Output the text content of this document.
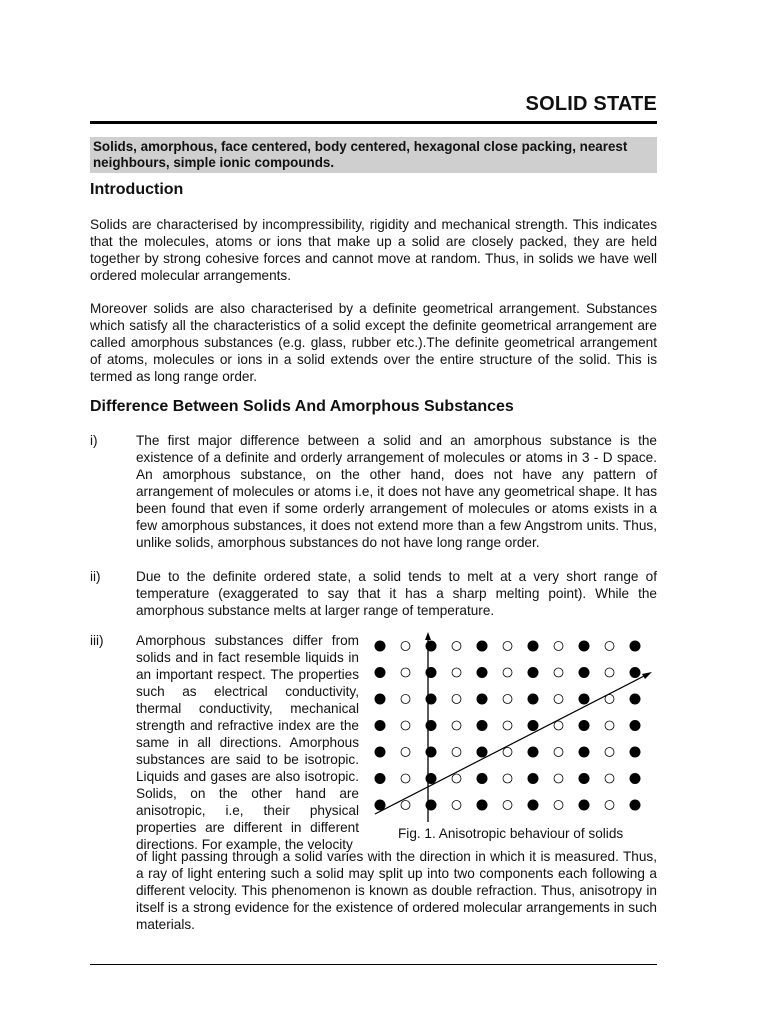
SOLID STATE
Solids, amorphous, face centered, body centered, hexagonal close packing, nearest neighbours, simple ionic compounds.
Introduction

Solids are characterised by incompressibility, rigidity and mechanical strength. This indicates that the molecules, atoms or ions that make up a solid are closely packed, they are held together by strong cohesive forces and cannot move at random. Thus, in solids we have well ordered molecular arrangements.

Moreover solids are also characterised by a definite geometrical arrangement. Substances which satisfy all the characteristics of a solid except the definite geometrical arrangement are called amorphous substances (e.g. glass, rubber etc.).The definite geometrical arrangement of atoms, molecules or ions in a solid extends over the entire structure of the solid. This is termed as long range order.

Difference Between Solids And Amorphous Substances
i)	The first major difference between a solid and an amorphous substance is the existence of a definite and orderly arrangement of molecules or atoms in 3 - D space. An amorphous substance, on the other hand, does not have any pattern of arrangement of molecules or atoms i.e, it does not have any geometrical shape. It has been found that even if some orderly arrangement of molecules or atoms exists in a few amorphous substances, it does not extend more than a few Angstrom units. Thus, unlike solids, amorphous substances do not have long range order.
ii)	Due to the definite ordered state, a solid tends to melt at a very short range of temperature (exaggerated to say that it has a sharp melting point). While the amorphous substance melts at larger range of temperature.
iii) Amorphous substances differ from solids and in fact resemble liquids in an important respect. The properties such as electrical conductivity, thermal conductivity, mechanical strength and refractive index are the same in all directions. Amorphous substances are said to be isotropic. Liquids and gases are also isotropic. Solids, on the other hand are anisotropic, i.e, their physical properties are different in different directions. For example, the velocity
Fig. 1. Anisotropic behaviour of solids
of light passing through a solid varies with the direction in which it is measured. Thus, a ray of light entering such a solid may split up into two components each following a different velocity. This phenomenon is known as double refraction. Thus, anisotropy in itself is a strong evidence for the existence of ordered molecular arrangements in such materials.
